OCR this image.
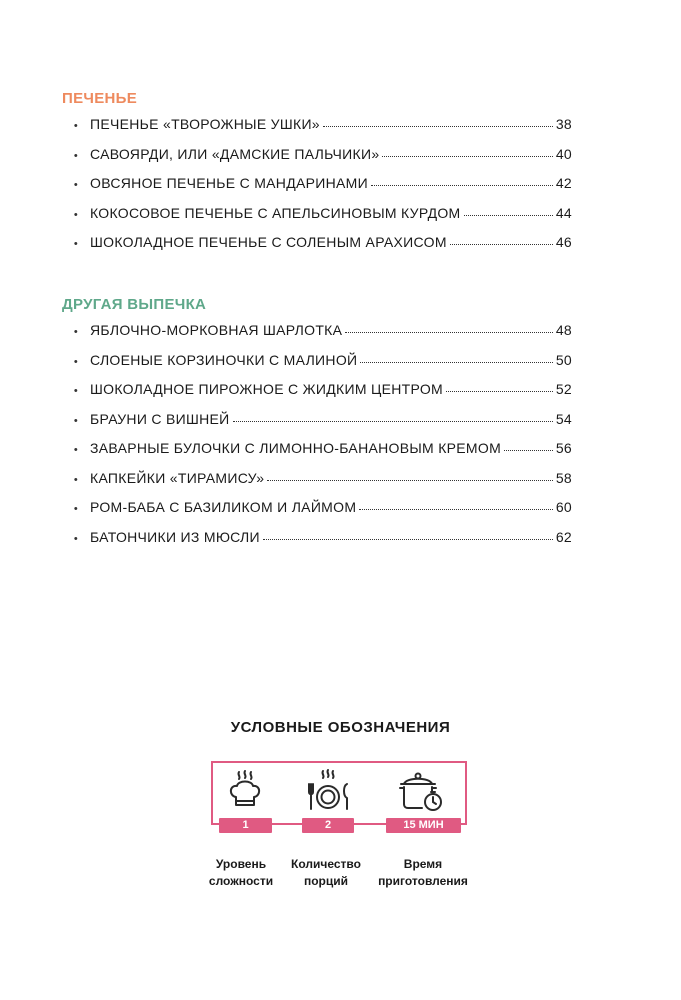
ПЕЧЕНЬЕ
• ПЕЧЕНЬЕ «ТВОРОЖНЫЕ УШКИ»	38
• САВОЯРДИ, ИЛИ «ДАМСКИЕ ПАЛЬЧИКИ»	40
• ОВСЯНОЕ ПЕЧЕНЬЕ С МАНДАРИНАМИ	42
• КОКОСОВОЕ ПЕЧЕНЬЕ С АПЕЛЬСИНОВЫМ КУРДОМ	44
• ШОКОЛАДНОЕ ПЕЧЕНЬЕ С СОЛЕНЫМ АРАХИСОМ	46
ДРУГАЯ ВЫПЕЧКА
• ЯБЛОЧНО-МОРКОВНАЯ ШАРЛОТКА	48
• СЛОЕНЫЕ КОРЗИНОЧКИ С МАЛИНОЙ	50
• ШОКОЛАДНОЕ ПИРОЖНОЕ С ЖИДКИМ ЦЕНТРОМ	52
• БРАУНИ С ВИШНЕЙ	54
• ЗАВАРНЫЕ БУЛОЧКИ С ЛИМОННО-БАНАНОВЫМ КРЕМОМ	56
• КАПКЕЙКИ «ТИРАМИСУ»	58
• РОМ-БАБА С БАЗИЛИКОМ И ЛАЙМОМ	60
• БАТОНЧИКИ ИЗ МЮСЛИ	62
УСЛОВНЫЕ ОБОЗНАЧЕНИЯ
1	2	15 МИН
Уровень
сложности
Количество
порций
Время
приготовления
